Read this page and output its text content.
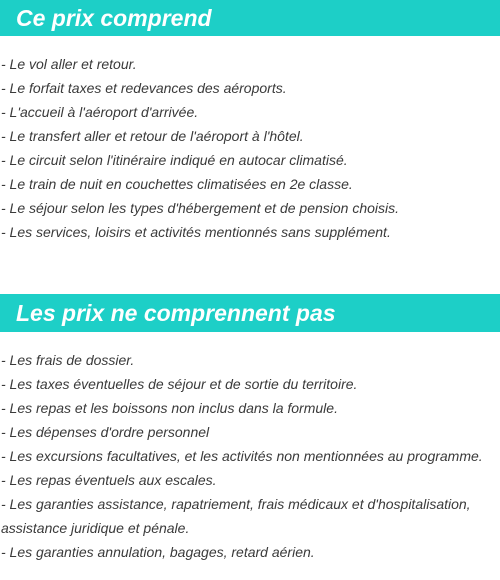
Ce prix comprend
- Le vol aller et retour.
- Le forfait taxes et redevances des aéroports.
- L'accueil à l'aéroport d'arrivée.
- Le transfert aller et retour de l'aéroport à l'hôtel.
- Le circuit selon l'itinéraire indiqué en autocar climatisé.
- Le train de nuit en couchettes climatisées en 2e classe.
- Le séjour selon les types d'hébergement et de pension choisis.
- Les services, loisirs et activités mentionnés sans supplément.
Les prix ne comprennent pas
- Les frais de dossier.
- Les taxes éventuelles de séjour et de sortie du territoire.
- Les repas et les boissons non inclus dans la formule.
- Les dépenses d'ordre personnel
- Les excursions facultatives, et les activités non mentionnées au programme.
- Les repas éventuels aux escales.
- Les garanties assistance, rapatriement, frais médicaux et d'hospitalisation,
assistance juridique et pénale.
- Les garanties annulation, bagages, retard aérien.
